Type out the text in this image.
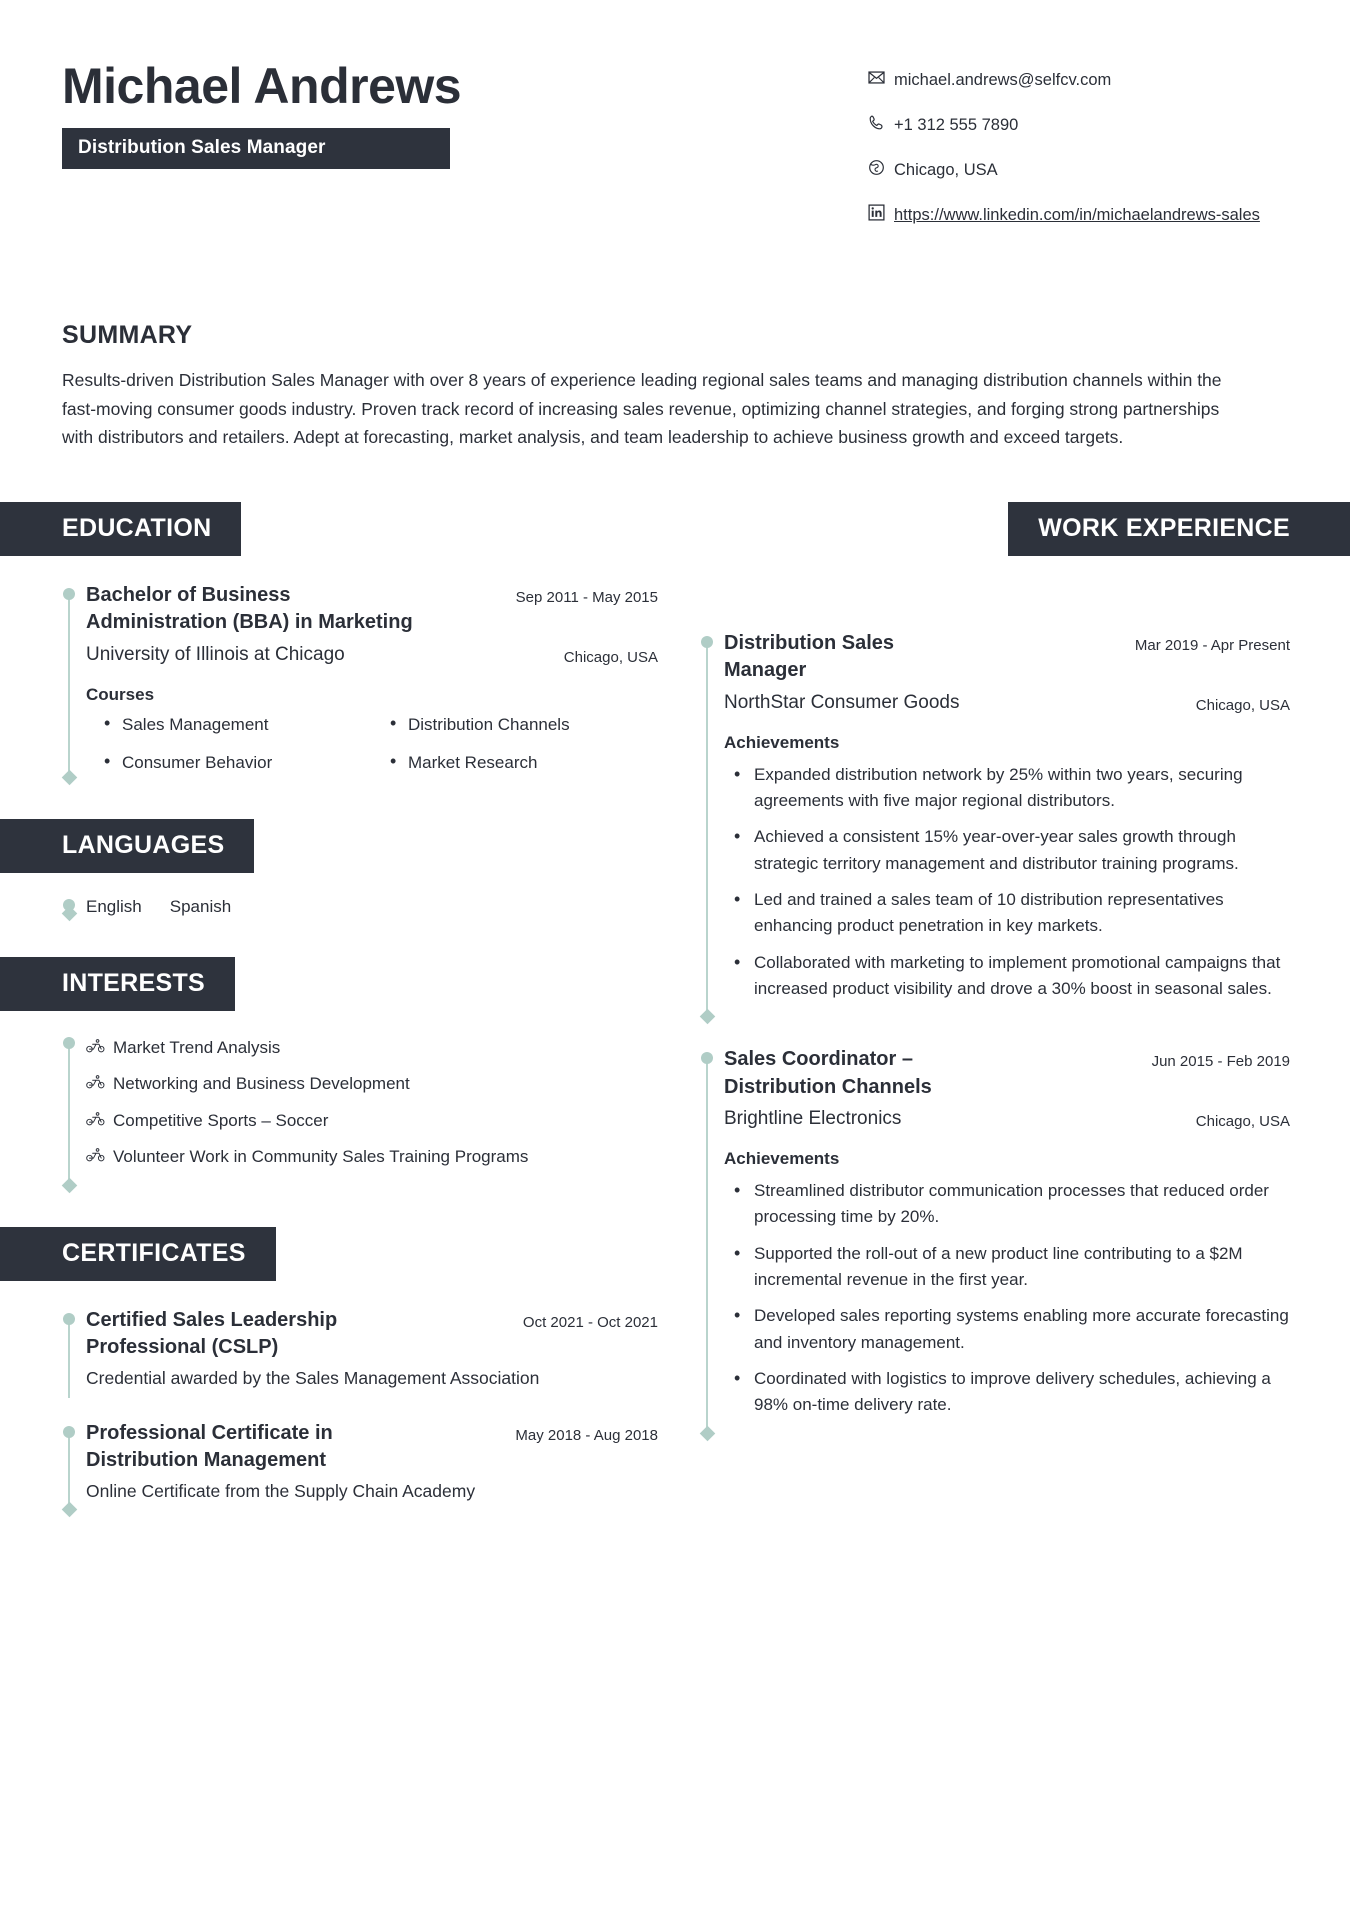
Michael Andrews
Distribution Sales Manager
michael.andrews@selfcv.com
+1 312 555 7890
Chicago, USA
https://www.linkedin.com/in/michaelandrews-sales
SUMMARY
Results-driven Distribution Sales Manager with over 8 years of experience leading regional sales teams and managing distribution channels within the fast-moving consumer goods industry. Proven track record of increasing sales revenue, optimizing channel strategies, and forging strong partnerships with distributors and retailers. Adept at forecasting, market analysis, and team leadership to achieve business growth and exceed targets.
EDUCATION
Bachelor of Business Administration (BBA) in Marketing
Sep 2011 - May 2015
University of Illinois at Chicago	Chicago, USA
Courses
• Sales Management	• Distribution Channels
• Consumer Behavior	• Market Research
LANGUAGES
English Spanish
INTERESTS
Market Trend Analysis
Networking and Business Development
Competitive Sports – Soccer
Volunteer Work in Community Sales Training Programs
CERTIFICATES
Certified Sales Leadership Professional (CSLP)
Oct 2021 - Oct 2021
Credential awarded by the Sales Management Association
Professional Certificate in Distribution Management
May 2018 - Aug 2018
Online Certificate from the Supply Chain Academy
WORK EXPERIENCE
Distribution Sales Manager
Mar 2019 - Apr Present
NorthStar Consumer Goods	Chicago, USA
Achievements
• Expanded distribution network by 25% within two years, securing agreements with five major regional distributors.
• Achieved a consistent 15% year-over-year sales growth through strategic territory management and distributor training programs.
• Led and trained a sales team of 10 distribution representatives enhancing product penetration in key markets.
• Collaborated with marketing to implement promotional campaigns that increased product visibility and drove a 30% boost in seasonal sales.
Sales Coordinator – Distribution Channels
Jun 2015 - Feb 2019
Brightline Electronics	Chicago, USA
Achievements
• Streamlined distributor communication processes that reduced order processing time by 20%.
• Supported the roll-out of a new product line contributing to a $2M incremental revenue in the first year.
• Developed sales reporting systems enabling more accurate forecasting and inventory management.
• Coordinated with logistics to improve delivery schedules, achieving a 98% on-time delivery rate.
